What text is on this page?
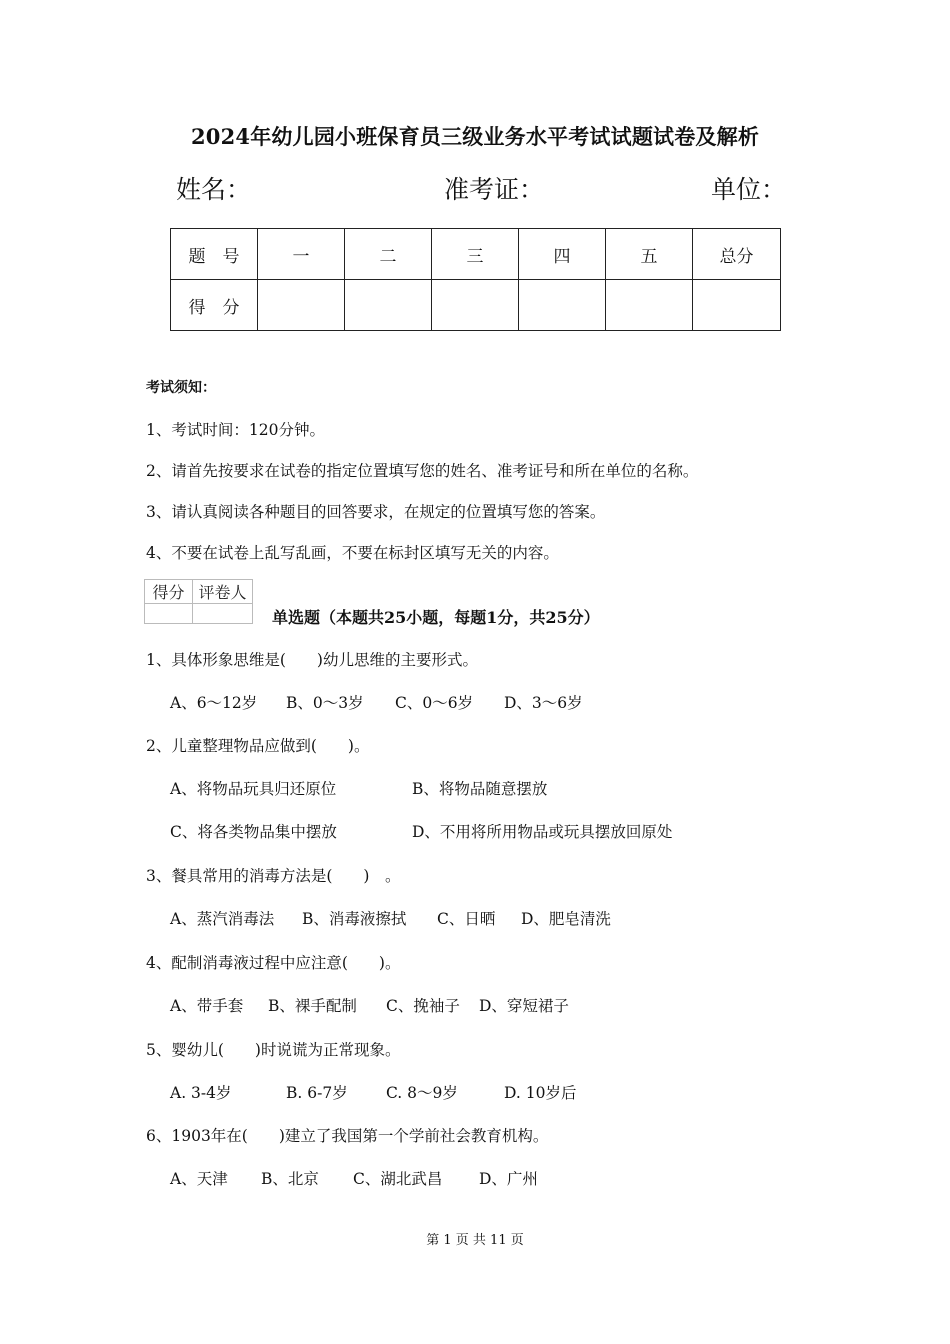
2024年幼儿园小班保育员三级业务水平考试试题试卷及解析
姓名：	准考证：	单位：
题　号	一	二	三	四	五	总分
得　分						
考试须知：
1、考试时间：120分钟。
2、请首先按要求在试卷的指定位置填写您的姓名、准考证号和所在单位的名称。
3、请认真阅读各种题目的回答要求，在规定的位置填写您的答案。
4、不要在试卷上乱写乱画，不要在标封区填写无关的内容。
得分	评卷人

单选题（本题共25小题，每题1分，共25分）
1、具体形象思维是(　　)幼儿思维的主要形式。
A、6～12岁 B、0～3岁 C、0～6岁 D、3～6岁
2、儿童整理物品应做到(　　)。
A、将物品玩具归还原位	B、将物品随意摆放
C、将各类物品集中摆放	D、不用将所用物品或玩具摆放回原处
3、餐具常用的消毒方法是(　　)　。
A、蒸汽消毒法 B、消毒液擦拭 C、日晒 D、肥皂清洗
4、配制消毒液过程中应注意(　　)。
A、带手套 B、裸手配制 C、挽袖子 D、穿短裙子
5、婴幼儿(　　)时说谎为正常现象。
A. 3-4岁	B. 6-7岁 C. 8～9岁	D. 10岁后
6、1903年在(　　)建立了我国第一个学前社会教育机构。
A、天津 B、北京 C、湖北武昌 D、广州
第 1 页 共 11 页
